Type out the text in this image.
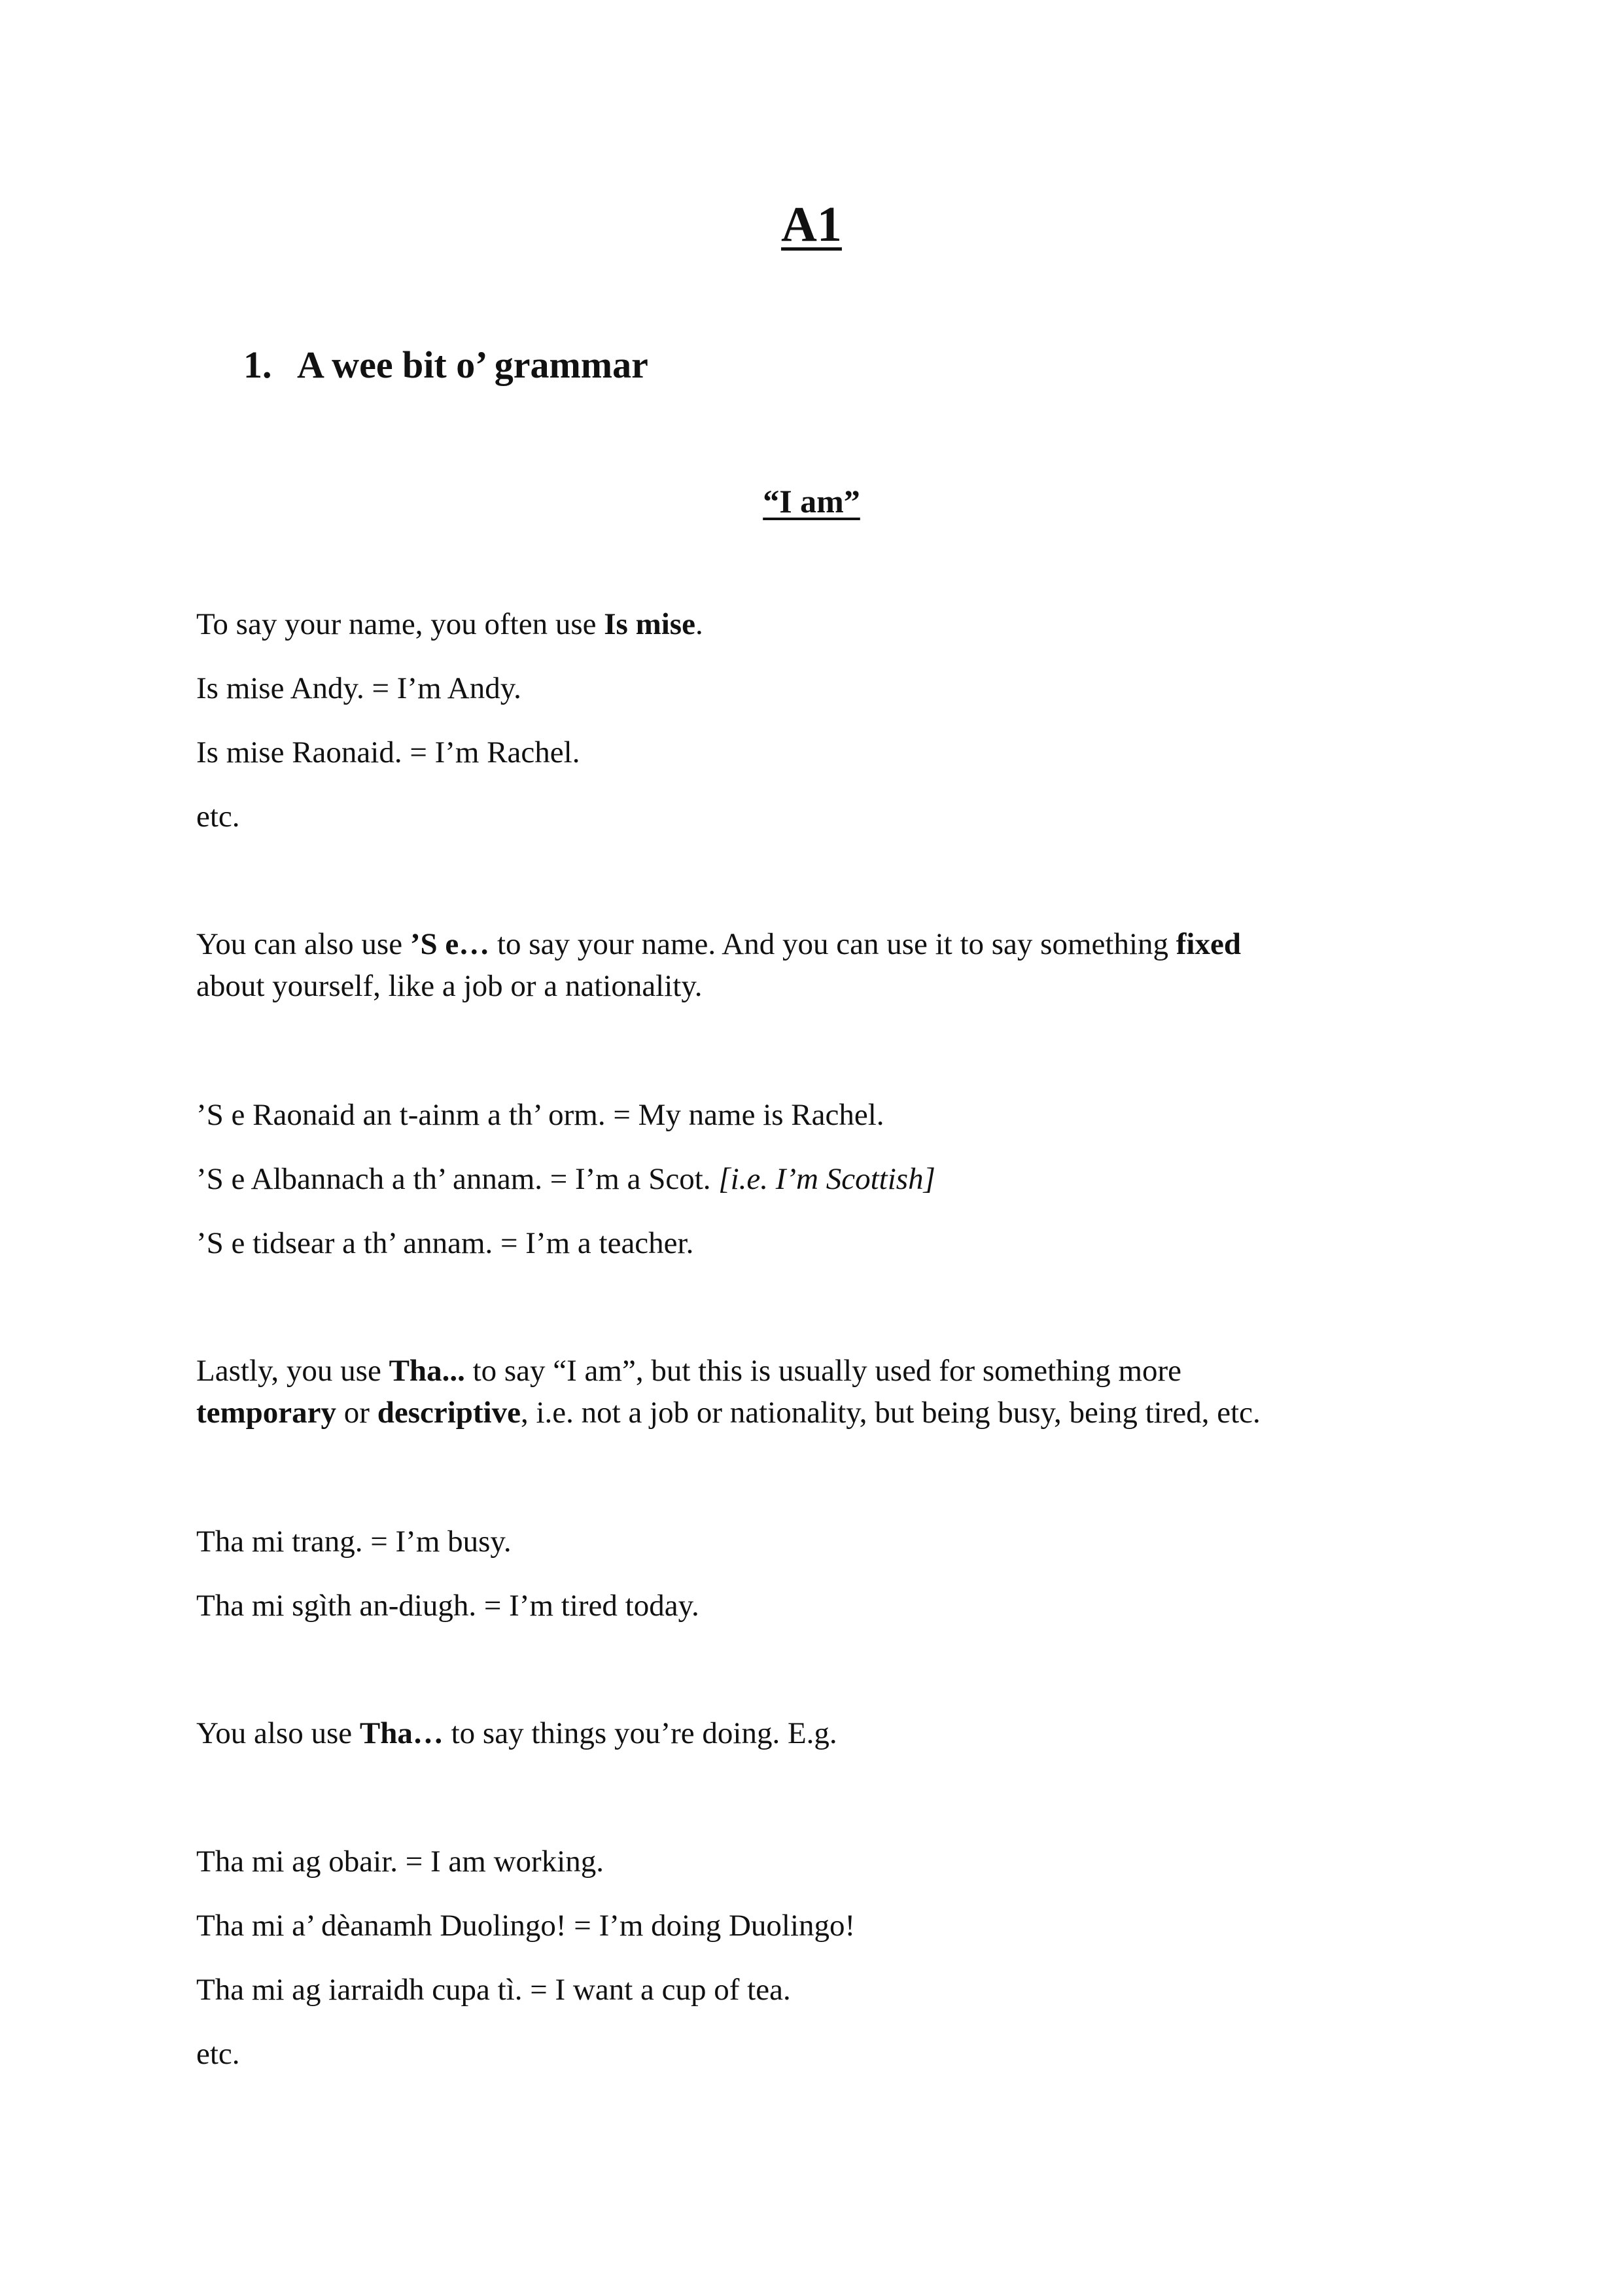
A1
1. A wee bit o’ grammar
“I am”

To say your name, you often use Is mise.

Is mise Andy. = I’m Andy.

Is mise Raonaid. = I’m Rachel.

etc.

You can also use ’S e… to say your name. And you can use it to say something fixed

about yourself, like a job or a nationality.

’S e Raonaid an t-ainm a th’ orm. = My name is Rachel.

’S e Albannach a th’ annam. = I’m a Scot. [i.e. I’m Scottish]

’S e tidsear a th’ annam. = I’m a teacher.

Lastly, you use Tha... to say “I am”, but this is usually used for something more

temporary or descriptive, i.e. not a job or nationality, but being busy, being tired, etc.

Tha mi trang. = I’m busy.

Tha mi sgìth an-diugh. = I’m tired today.

You also use Tha… to say things you’re doing. E.g.

Tha mi ag obair. = I am working.

Tha mi a’ dèanamh Duolingo! = I’m doing Duolingo!

Tha mi ag iarraidh cupa tì. = I want a cup of tea.

etc.
